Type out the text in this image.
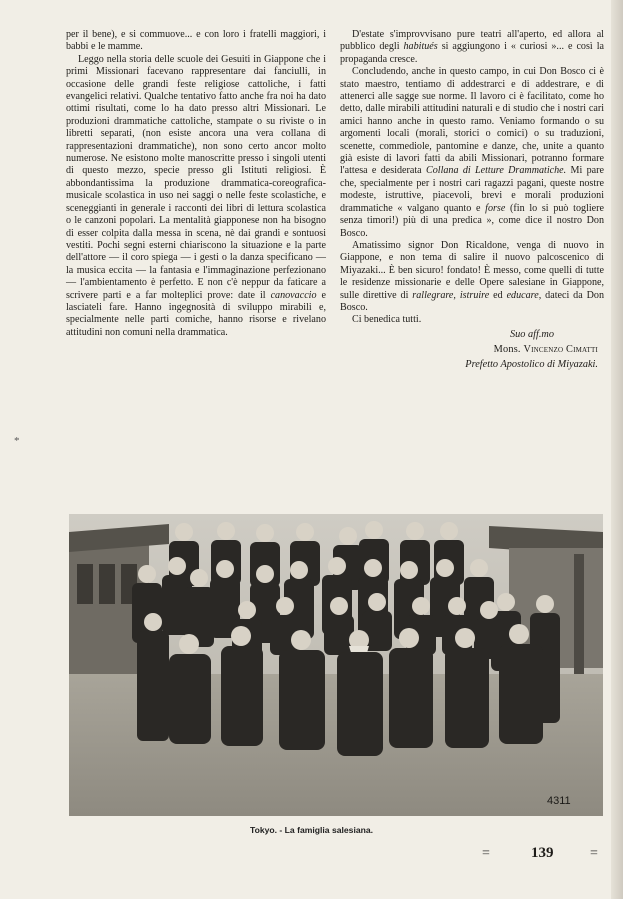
*

per il bene), e si commuove... e con loro i fratelli maggiori, i babbi e le mamme.

Leggo nella storia delle scuole dei Gesuiti in Giappone che i primi Missionari facevano rappresentare dai fanciulli, in occasione delle grandi feste religiose cattoliche, i fatti evangelici relativi. Qualche tentativo fatto anche fra noi ha dato ottimi risultati, come lo ha dato presso altri Missionari. Le produzioni drammatiche cattoliche, stampate o su riviste o in libretti separati, (non esiste ancora una vera collana di rappresentazioni drammatiche), non sono certo ancor molto numerose. Ne esistono molte manoscritte presso i singoli utenti di questo mezzo, specie presso gli Istituti religiosi. È abbondantissima la produzione drammatica-coreografica-musicale scolastica in uso nei saggi o nelle feste scolastiche, e sceneggianti in generale i racconti dei libri di lettura scolastica o le canzoni popolari. La mentalità giapponese non ha bisogno di esser colpita dalla messa in scena, nè dai grandi e sontuosi vestiti. Pochi segni esterni chiariscono la situazione e la parte dell'attore — il coro spiega — i gesti o la danza specificano — la musica eccita — la fantasia e l'immaginazione perfezionano — l'ambientamento è perfetto. E non c'è neppur da faticare a scrivere parti e a far molteplici prove: date il canovaccio e lasciateli fare. Hanno ingegnosità di sviluppo mirabili e, specialmente nelle parti comiche, hanno risorse e rivelano attitudini non comuni nella drammatica.

D'estate s'improvvisano pure teatri all'aperto, ed allora al pubblico degli habitués si aggiungono i « curiosi »... e così la propaganda cresce.

Concludendo, anche in questo campo, in cui Don Bosco ci è stato maestro, tentiamo di addestrarci e di addestrare, e di attenerci alle sagge sue norme. Il lavoro ci è facilitato, come ho detto, dalle mirabili attitudini naturali e di studio che i nostri cari amici hanno anche in questo ramo. Veniamo formando o su argomenti locali (morali, storici o comici) o su traduzioni, scenette, commediole, pantomine e danze, che, unite a quanto già esiste di lavori fatti da abili Missionari, potranno formare l'attesa e desiderata Collana di Letture Drammatiche. Mi pare che, specialmente per i nostri cari ragazzi pagani, queste nostre modeste, istruttive, piacevoli, brevi e morali produzioni drammatiche « valgano quanto e forse (fin lo si può togliere senza timori!) più di una predica », come dice il nostro Don Bosco.

Amatissimo signor Don Ricaldone, venga di nuovo in Giappone, e non tema di salire il nuovo palcoscenico di Miyazaki... È ben sicuro! fondato! È messo, come quelli di tutte le residenze missionarie e delle Opere salesiane in Giappone, sulle direttive di rallegrare, istruire ed educare, dateci da Don Bosco.

Ci benedica tutti.

Suo aff.mo
Mons. Vincenzo Cimatti
Prefetto Apostolico di Miyazaki.
4311
Tokyo. - La famiglia salesiana.
=	139	=
